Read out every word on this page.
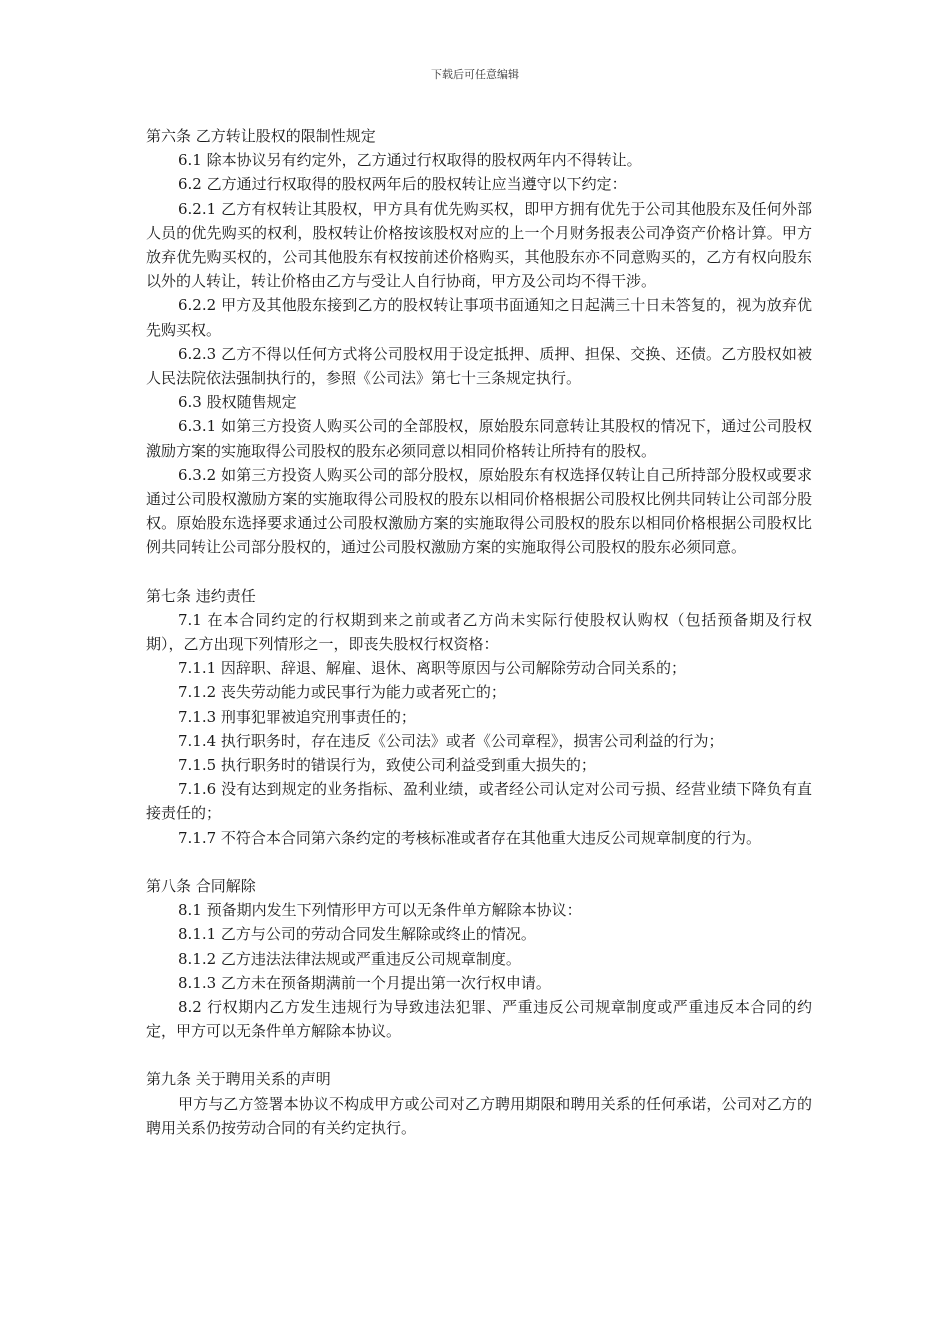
下载后可任意编辑

第六条 乙方转让股权的限制性规定

6.1 除本协议另有约定外，乙方通过行权取得的股权两年内不得转让。

6.2 乙方通过行权取得的股权两年后的股权转让应当遵守以下约定：

6.2.1 乙方有权转让其股权，甲方具有优先购买权，即甲方拥有优先于公司其他股东及任何外部人员的优先购买的权利，股权转让价格按该股权对应的上一个月财务报表公司净资产价格计算。甲方放弃优先购买权的，公司其他股东有权按前述价格购买，其他股东亦不同意购买的，乙方有权向股东以外的人转让，转让价格由乙方与受让人自行协商，甲方及公司均不得干涉。

6.2.2 甲方及其他股东接到乙方的股权转让事项书面通知之日起满三十日未答复的，视为放弃优先购买权。

6.2.3 乙方不得以任何方式将公司股权用于设定抵押、质押、担保、交换、还债。乙方股权如被人民法院依法强制执行的，参照《公司法》第七十三条规定执行。

6.3 股权随售规定

6.3.1 如第三方投资人购买公司的全部股权，原始股东同意转让其股权的情况下，通过公司股权激励方案的实施取得公司股权的股东必须同意以相同价格转让所持有的股权。

6.3.2 如第三方投资人购买公司的部分股权，原始股东有权选择仅转让自己所持部分股权或要求通过公司股权激励方案的实施取得公司股权的股东以相同价格根据公司股权比例共同转让公司部分股权。原始股东选择要求通过公司股权激励方案的实施取得公司股权的股东以相同价格根据公司股权比例共同转让公司部分股权的，通过公司股权激励方案的实施取得公司股权的股东必须同意。

第七条 违约责任

7.1 在本合同约定的行权期到来之前或者乙方尚未实际行使股权认购权（包括预备期及行权期），乙方出现下列情形之一，即丧失股权行权资格：

7.1.1 因辞职、辞退、解雇、退休、离职等原因与公司解除劳动合同关系的；

7.1.2 丧失劳动能力或民事行为能力或者死亡的；

7.1.3 刑事犯罪被追究刑事责任的；

7.1.4 执行职务时，存在违反《公司法》或者《公司章程》，损害公司利益的行为；

7.1.5 执行职务时的错误行为，致使公司利益受到重大损失的；

7.1.6 没有达到规定的业务指标、盈利业绩，或者经公司认定对公司亏损、经营业绩下降负有直接责任的；

7.1.7 不符合本合同第六条约定的考核标准或者存在其他重大违反公司规章制度的行为。

第八条 合同解除

8.1 预备期内发生下列情形甲方可以无条件单方解除本协议：

8.1.1 乙方与公司的劳动合同发生解除或终止的情况。

8.1.2 乙方违法法律法规或严重违反公司规章制度。

8.1.3 乙方未在预备期满前一个月提出第一次行权申请。

8.2 行权期内乙方发生违规行为导致违法犯罪、严重违反公司规章制度或严重违反本合同的约定，甲方可以无条件单方解除本协议。

第九条 关于聘用关系的声明

甲方与乙方签署本协议不构成甲方或公司对乙方聘用期限和聘用关系的任何承诺，公司对乙方的聘用关系仍按劳动合同的有关约定执行。
